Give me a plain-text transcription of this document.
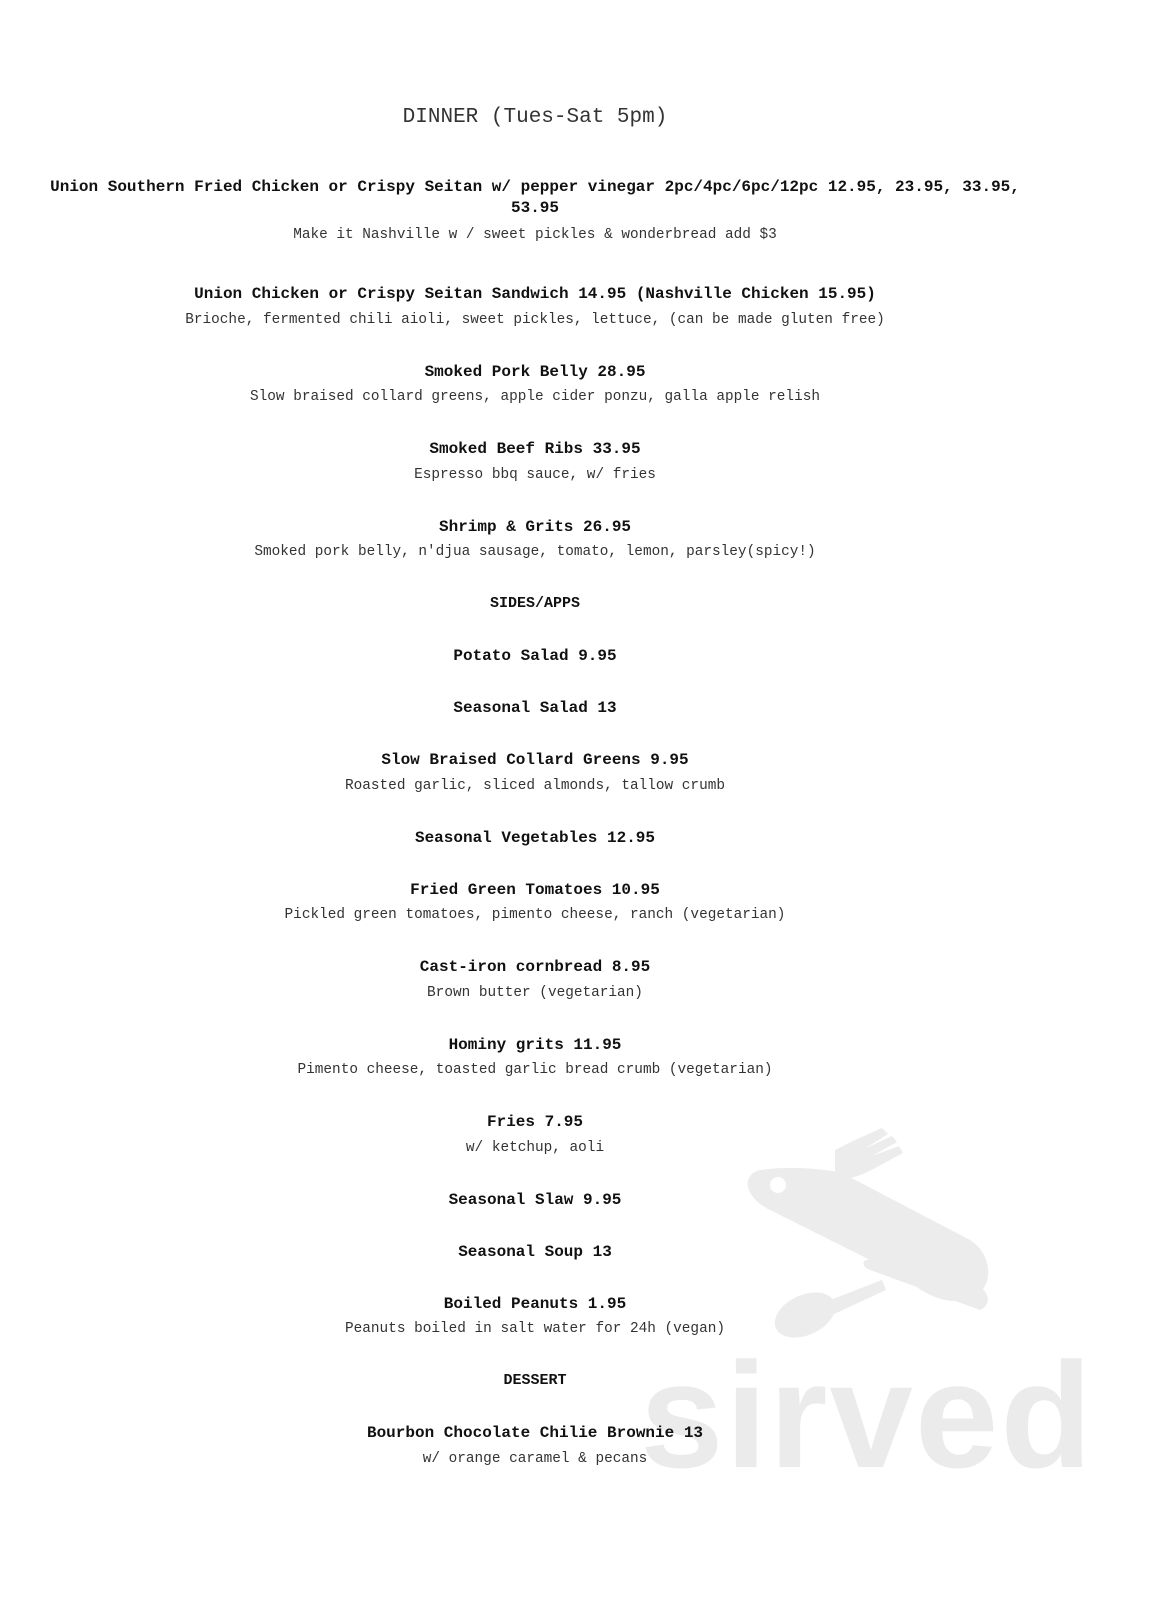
sirved
DINNER (Tues-Sat 5pm)
Union Southern Fried Chicken or Crispy Seitan w/ pepper vinegar 2pc/4pc/6pc/12pc 12.95, 23.95, 33.95,
53.95
Make it Nashville w / sweet pickles & wonderbread add $3
Union Chicken or Crispy Seitan Sandwich 14.95 (Nashville Chicken 15.95)
Brioche, fermented chili aioli, sweet pickles, lettuce, (can be made gluten free)
Smoked Pork Belly 28.95
Slow braised collard greens, apple cider ponzu, galla apple relish
Smoked Beef Ribs 33.95
Espresso bbq sauce, w/ fries
Shrimp & Grits 26.95
Smoked pork belly, n'djua sausage, tomato, lemon, parsley(spicy!)
SIDES/APPS
Potato Salad 9.95
Seasonal Salad 13
Slow Braised Collard Greens 9.95
Roasted garlic, sliced almonds, tallow crumb
Seasonal Vegetables 12.95
Fried Green Tomatoes 10.95
Pickled green tomatoes, pimento cheese, ranch (vegetarian)
Cast-iron cornbread 8.95
Brown butter (vegetarian)
Hominy grits 11.95
Pimento cheese, toasted garlic bread crumb (vegetarian)
Fries 7.95
w/ ketchup, aoli
Seasonal Slaw 9.95
Seasonal Soup 13
Boiled Peanuts 1.95
Peanuts boiled in salt water for 24h (vegan)
DESSERT
Bourbon Chocolate Chilie Brownie 13
w/ orange caramel & pecans
